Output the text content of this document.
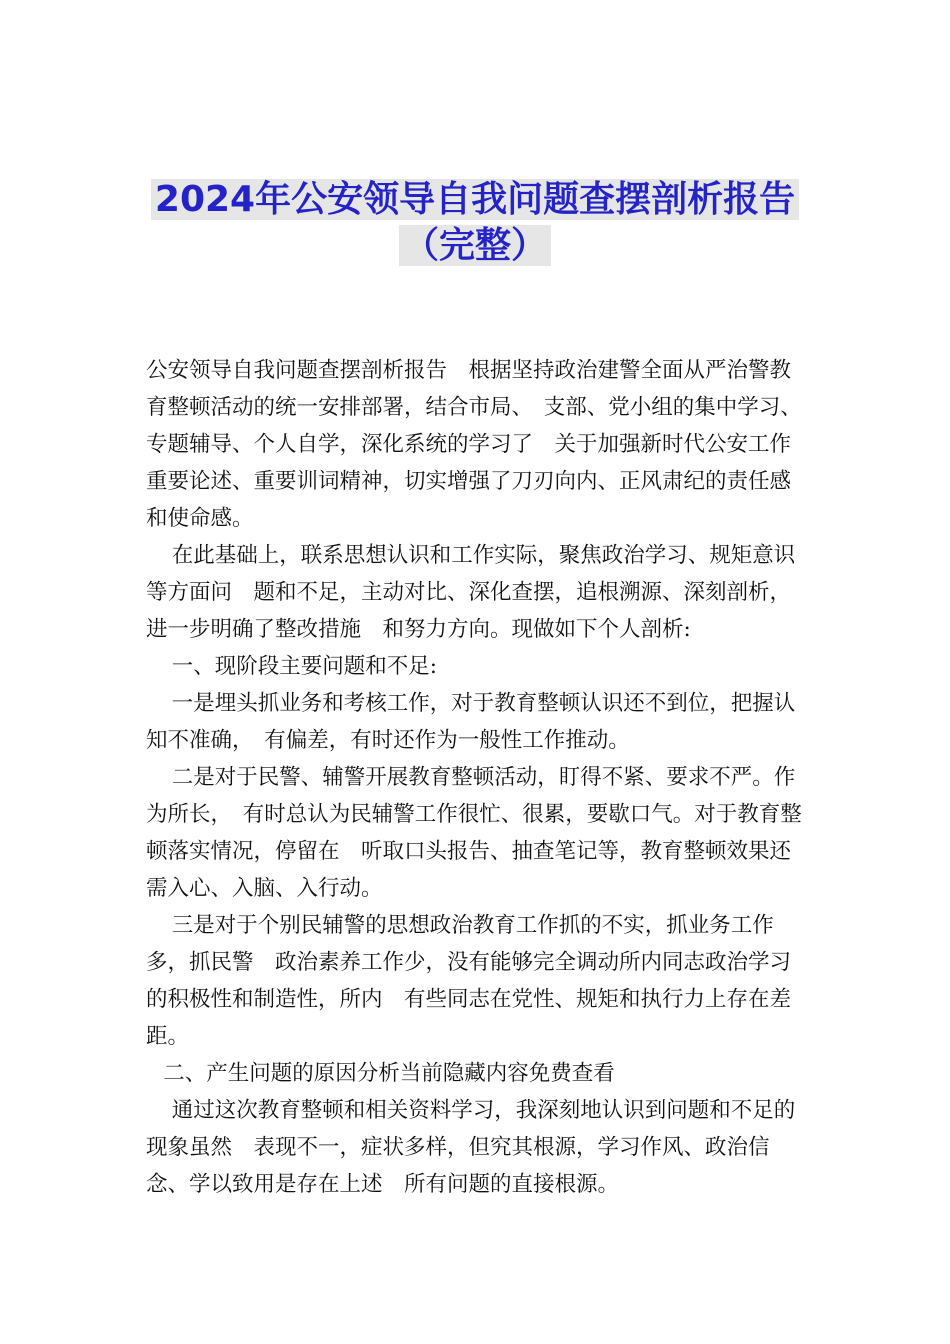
2024年公安领导自我问题查摆剖析报告
（完整）

公安领导自我问题查摆剖析报告　根据坚持政治建警全面从严治警教育整顿活动的统一安排部署，结合市局、　支部、党小组的集中学习、专题辅导、个人自学，深化系统的学习了　关于加强新时代公安工作重要论述、重要训词精神，切实增强了刀刃向内、正风肃纪的责任感和使命感。

在此基础上，联系思想认识和工作实际，聚焦政治学习、规矩意识等方面问　题和不足，主动对比、深化查摆，追根溯源、深刻剖析，进一步明确了整改措施　和努力方向。现做如下个人剖析:

一、现阶段主要问题和不足:

一是埋头抓业务和考核工作，对于教育整顿认识还不到位，把握认知不准确，　有偏差，有时还作为一般性工作推动。

二是对于民警、辅警开展教育整顿活动，盯得不紧、要求不严。作为所长，　有时总认为民辅警工作很忙、很累，要歇口气。对于教育整顿落实情况，停留在　听取口头报告、抽查笔记等，教育整顿效果还需入心、入脑、入行动。

三是对于个别民辅警的思想政治教育工作抓的不实，抓业务工作多，抓民警　政治素养工作少，没有能够完全调动所内同志政治学习的积极性和制造性，所内　有些同志在党性、规矩和执行力上存在差距。

二、产生问题的原因分析当前隐藏内容免费查看

通过这次教育整顿和相关资料学习，我深刻地认识到问题和不足的现象虽然　表现不一，症状多样，但究其根源，学习作风、政治信念、学以致用是存在上述　所有问题的直接根源。
